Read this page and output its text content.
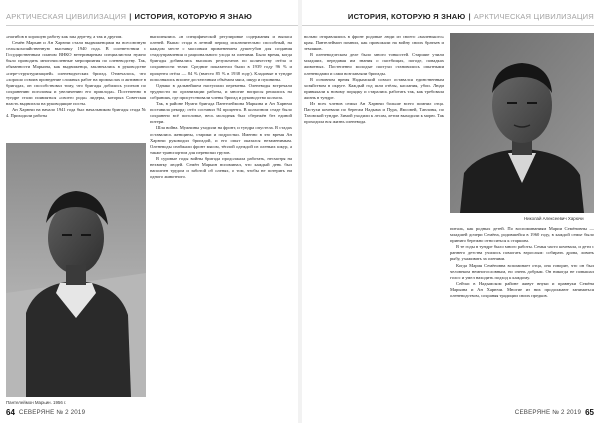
АРКТИЧЕСКАЯ ЦИВИЛИЗАЦИЯ | ИСТОРИЯ, КОТОРУЮ Я ЗНАЮ

«нагибов в хорошую работу как заы дере-ву, а так и другим.

Семён Марьин и Ан Харючи стали выдвиженцами на всесоюзную сельскохозяйственную выставку 1940 года. В соответствии с Государственным планом ВНКО ветеринарным специалистом нужно было проводить многочисленные мероприятия по оленеводству. Так, обязанности Марьина, как выдвиженца, заключались в руководстве «пере-структуризацией» оленеводческих бригад. Отмечалось, что «хорошо освоив проведение сложных работ на промыслах и активное в бригадах, он способствовал тому, что бригады добились успехов по сохранению поголовья и увеличению его приплода». Постепенно в тундре стали появляться «своего рода» лидеры, которых Советская власть выдвигала на руководящие посты.

Ан Харючи на начало 1941 года был начальником бригады стада № 4. Приходили работы

Пантелеймон Марьин. 1956 г.

выполнялись «в специфической регулировке содержания и выпаса оленей. Выпас стада в летний период исключительно способный, на каждом месте с массовым применением душегубов для создания стадоуправления и рационального ухода за оленями. Было время, когда бригады добивались высоких результатов по количеству отёла и сохранности телят. Средние показатели были в 1939 году 96 % и процента отёла — 84 % (вместо 85 % в 1938 году). Кладовые в тундре пополнялись вполне достаточным объёмом мяса, шкур и пушнины.

Однако в дальнейшем наступили перемены. Оленеводы встречали трудности по организации работы, и многие вопросы решались на собраниях, где присутствовали члены бригад и руководство колхоза.

Так, в районе Нумги бригада Пантелеймона Марьина и Ан Харючи поставила рекорд: отёл составил 94 процента. В колхозном стаде было сохранено всё поголовье, весь молодняк был сбережён без единой потери.

Шла война. Мужчины уходили на фронт, и тундра опустела. В стадах оставались женщины, старики и подростки. Именно в это время Ан Харючи руководил бригадой, и его опыт оказался незаменимым. Оленеводы снабжали фронт мясом, тёплой одеждой из оленьих шкур, а также транспортом для перевозки грузов.

В суровые годы войны бригада продолжала работать, несмотря на нехватку людей. Семён Марьин вспоминал, что каждый день был наполнен трудом и заботой об оленях, о том, чтобы не потерять ни одного животного.

64 СЕВЕРЯНЕ № 2 2019
ИСТОРИЯ, КОТОРУЮ Я ЗНАЮ | АРКТИЧЕСКАЯ ЦИВИЛИЗАЦИЯ

вольно отправлялись в фронт родовые люди из своего «маленького» края. Пантелеймон помнил, как провожали на войну своих братьев и земляков.

В оленеводческом деле было много тонкостей. Старшие учили младших, передавая им знания о пастбищах, погоде, повадках животных. Постепенно молодые пастухи становились опытными оленеводами и сами возглавляли бригады.

В основном время Надымский совхоз оставался единственным хозяйством в округе. Каждый год шли отёлы, каслания, убои. Люди привыкали к новому порядку и старались работать так, как требовала жизнь в тундре.

Из всех членов семьи Ан Харючи больше всего помнил отца. Пастухи кочевали по берегам Надыма и Пура, Ямсовей, Танловы, по Тазовской тундре. Зимой уходили к лесам, летом выходили к морю. Так проходила вся жизнь оленевода.

Николай Алексеевич Харючи

питаль, как родных детей. По воспоминаниям Марии Семёновны — младшей дочери Семёна, родившейся в 1960 году, в каждой семье было принято бережно относиться к старшим.

В те годы в тундре было много работы. Семья часто кочевала, и дети с раннего детства учились помогать взрослым: собирать дрова, ловить рыбу, ухаживать за оленями.

Когда Мария Семёновна вспоминает отца, она говорит, что он был человеком немногословным, но очень добрым. Он никогда не повышал голос и умел находить подход к каждому.

Сейчас в Надымском районе живут внуки и правнуки Семёна Марьина и Ан Харючи. Многие из них продолжают заниматься оленеводством, сохраняя традиции своих предков.

СЕВЕРЯНЕ № 2 2019 65
